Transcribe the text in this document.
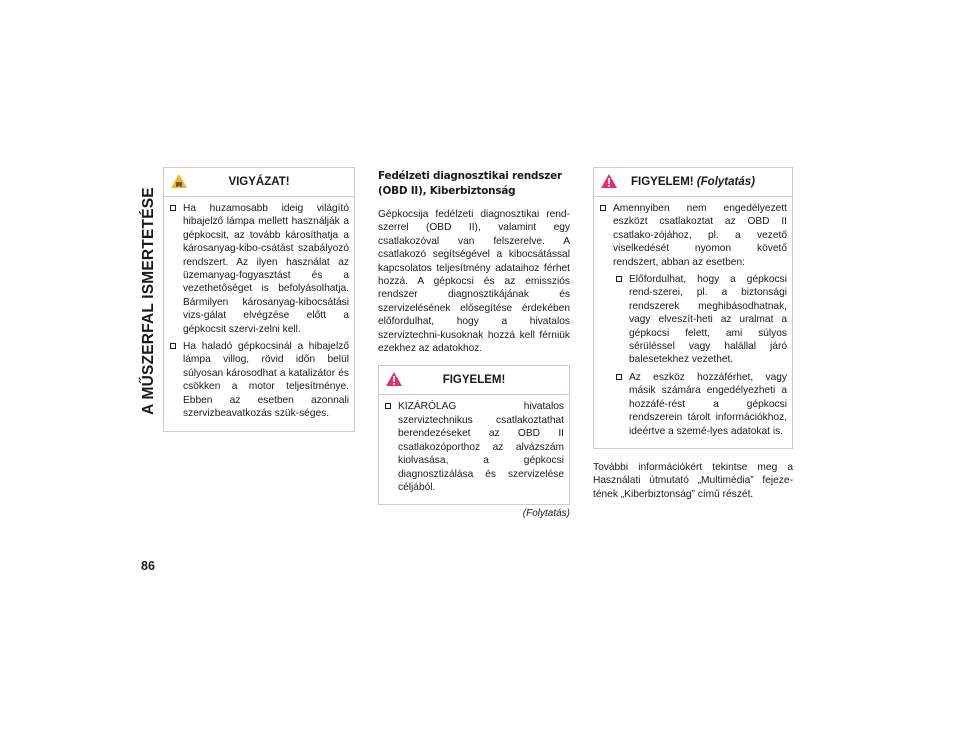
A MŰSZERFAL ISMERTETÉSE
86
VIGYÁZAT!
Ha huzamosabb ideig világító hibajelző lámpa mellett használják a gépkocsit, az tovább károsíthatja a károsanyag-kibo-csátást szabályozó rendszert. Az ilyen használat az üzemanyag-fogyasztást és a vezethetőséget is befolyásolhatja. Bármilyen károsanyag-kibocsátási vizs-gálat elvégzése előtt a gépkocsit szervi-zelni kell.
Ha haladó gépkocsinál a hibajelző lámpa villog, rövid időn belül súlyosan károsodhat a katalizátor és csökken a motor teljesítménye. Ebben az esetben azonnali szervizbeavatkozás szük-séges.
Fedélzeti diagnosztikai rendszer (OBD II), Kiberbiztonság

Gépkocsija fedélzeti diagnosztikai rend-szerrel (OBD II), valamint egy csatlakozóval van felszerelve. A csatlakozó segítségével a kibocsátással kapcsolatos teljesítmény adataihoz férhet hozzá. A gépkocsi és az emissziós rendszer diagnosztikájának és szervizelésének elősegítése érdekében előfordulhat, hogy a hivatalos szerviztechni-kusoknak hozzá kell férniük ezekhez az adatokhoz.

FIGYELEM!
KIZÁRÓLAG hivatalos szerviztechnikus csatlakoztathat berendezéseket az OBD II csatlakozóporthoz az alvázszám kiolvasása, a gépkocsi diagnosztizálása és szervizelése céljából.
(Folytatás)
FIGYELEM! (Folytatás)
Amennyiben nem engedélyezett eszközt csatlakoztat az OBD II csatlako-zójához, pl. a vezető viselkedését nyomon követő rendszert, abban az esetben:
Előfordulhat, hogy a gépkocsi rend-szerei, pl. a biztonsági rendszerek meghibásodhatnak, vagy elveszít-heti az uralmat a gépkocsi felett, ami súlyos sérüléssel vagy halállal járó balesetekhez vezethet.
Az eszköz hozzáférhet, vagy másik számára engedélyezheti a hozzáfé-rést a gépkocsi rendszerein tárolt információkhoz, ideértve a szemé-lyes adatokat is.

További információkért tekintse meg a Használati útmutató „Multimédia” fejeze-tének „Kiberbiztonság” című részét.
